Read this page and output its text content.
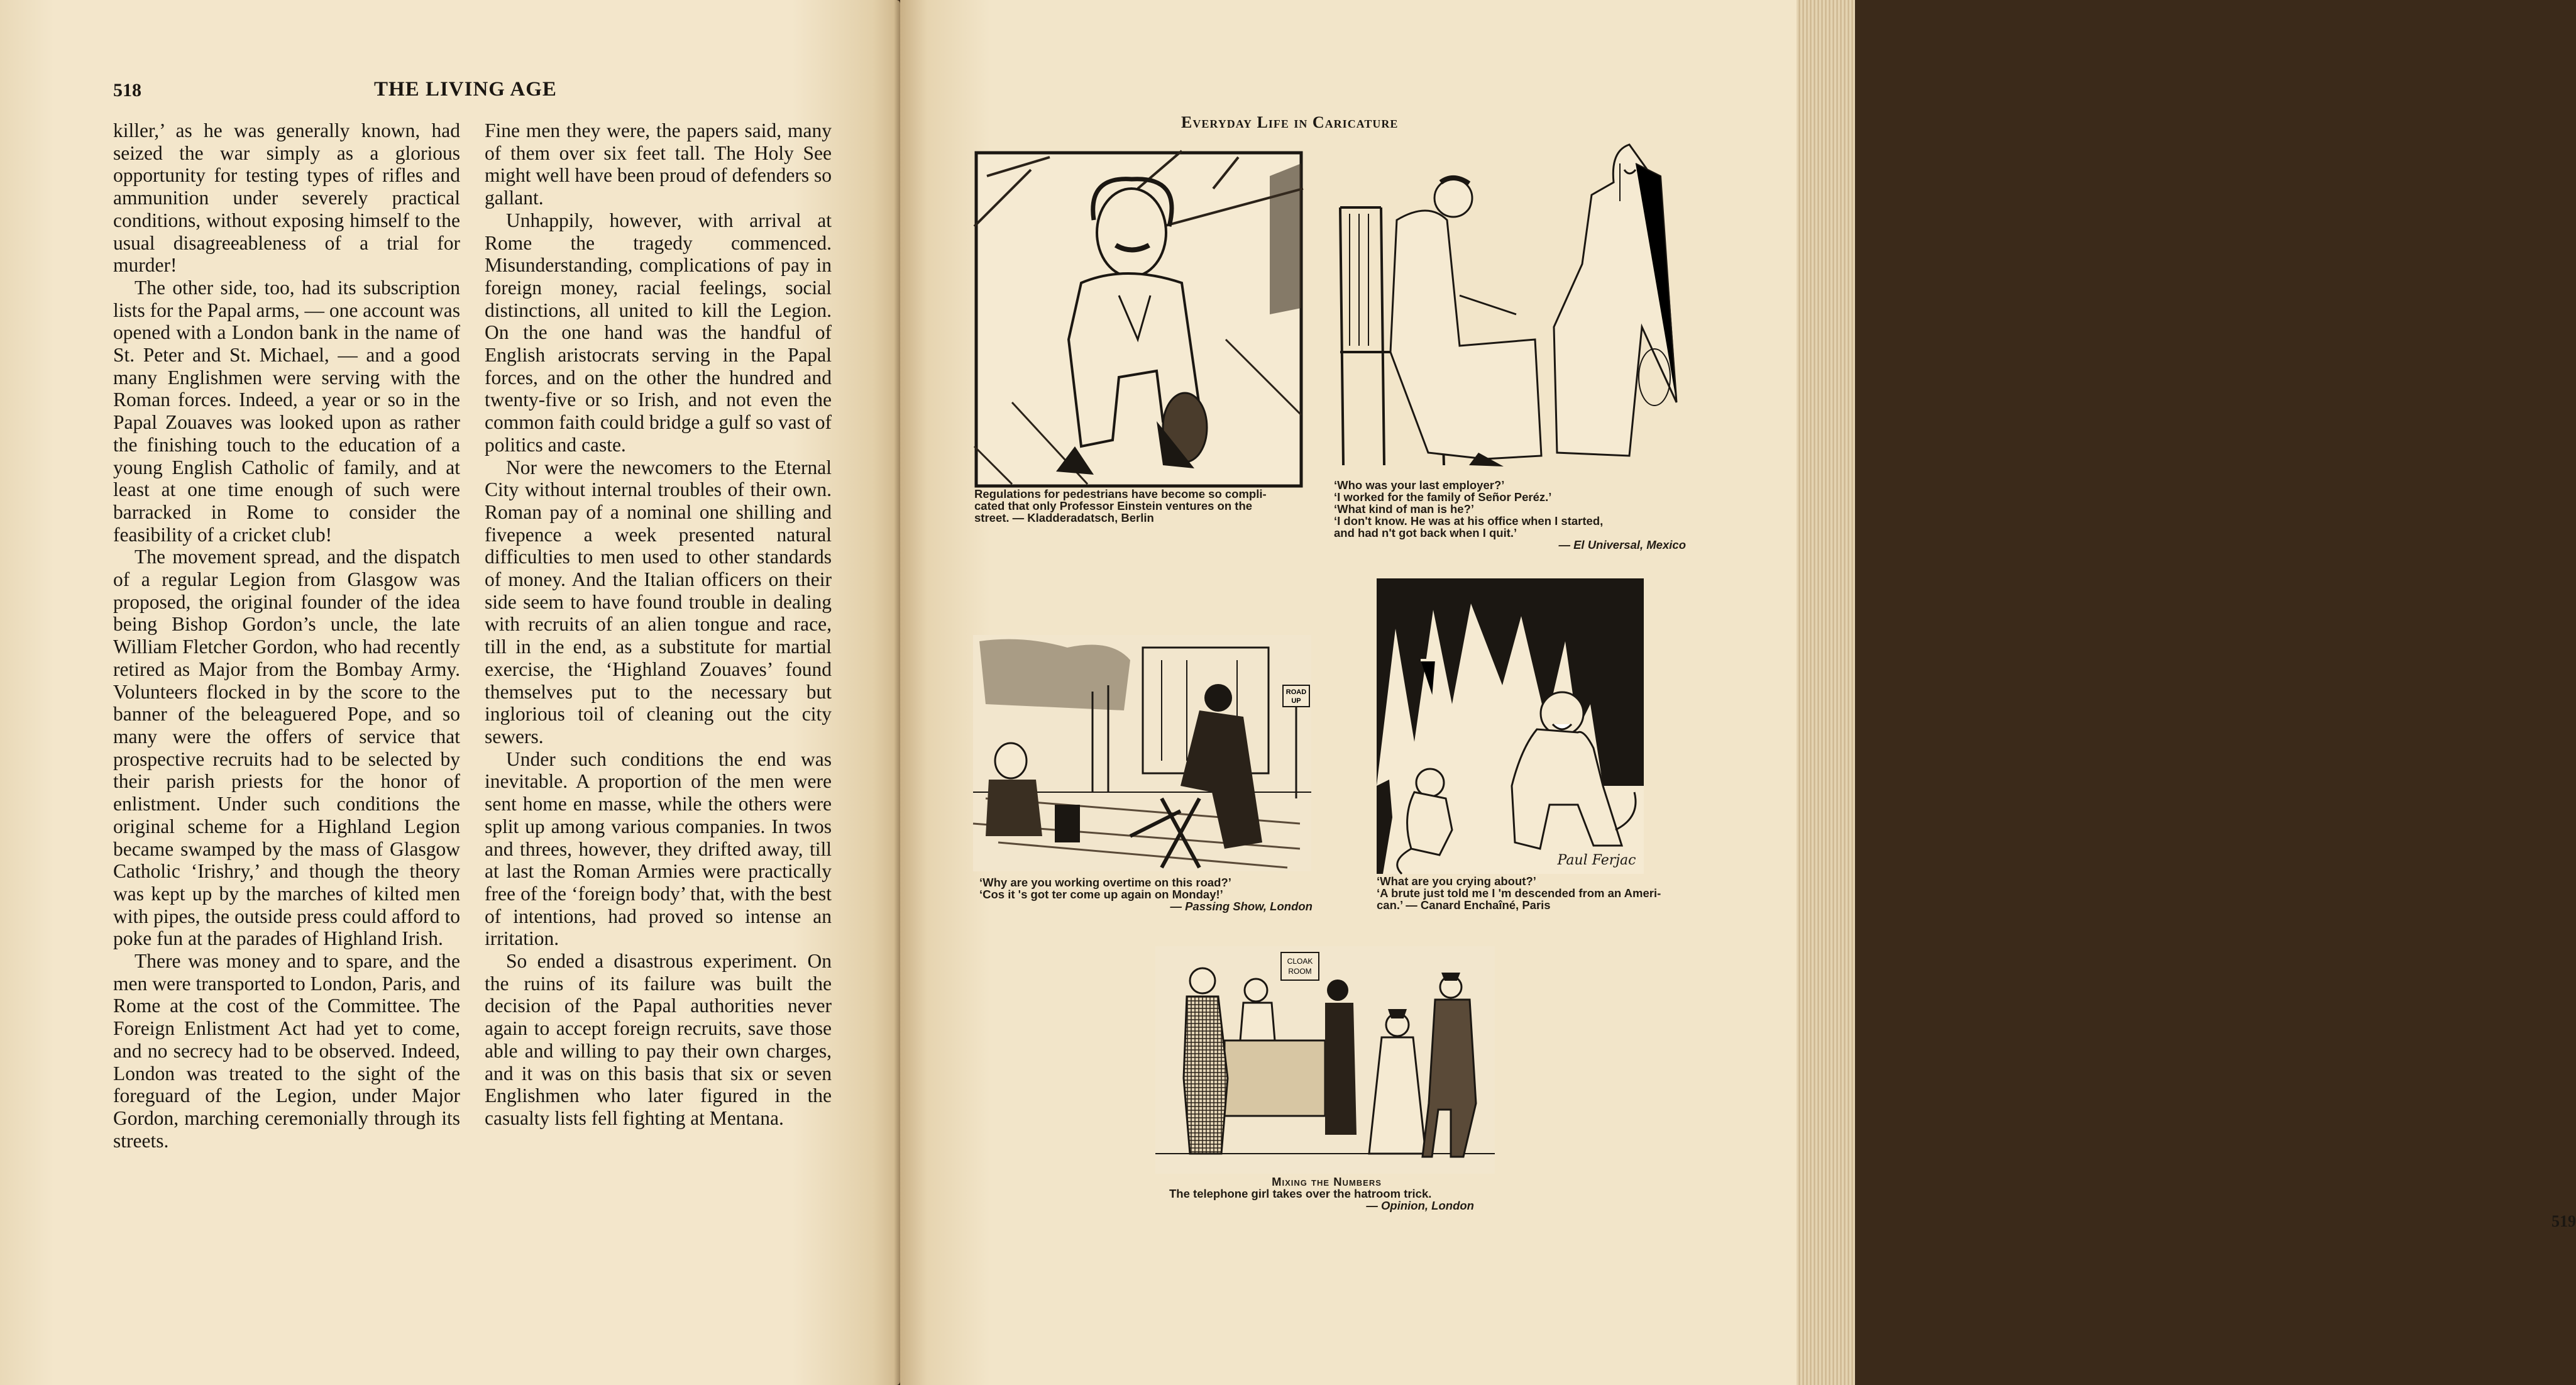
518	THE LIVING AGE

killer,’ as he was generally known, had seized the war simply as a glorious opportunity for testing types of rifles and ammunition under severely practical conditions, without exposing himself to the usual disagreeableness of a trial for murder!

The other side, too, had its subscription lists for the Papal arms, — one account was opened with a London bank in the name of St. Peter and St. Michael, — and a good many Englishmen were serving with the Roman forces. Indeed, a year or so in the Papal Zouaves was looked upon as rather the finishing touch to the education of a young English Catholic of family, and at least at one time enough of such were barracked in Rome to consider the feasibility of a cricket club!

The movement spread, and the dispatch of a regular Legion from Glasgow was proposed, the original founder of the idea being Bishop Gordon’s uncle, the late William Fletcher Gordon, who had recently retired as Major from the Bombay Army. Volunteers flocked in by the score to the banner of the beleaguered Pope, and so many were the offers of service that prospective recruits had to be selected by their parish priests for the honor of enlistment. Under such conditions the original scheme for a Highland Legion became swamped by the mass of Glasgow Catholic ‘Irishry,’ and though the theory was kept up by the marches of kilted men with pipes, the outside press could afford to poke fun at the parades of Highland Irish.

There was money and to spare, and the men were transported to London, Paris, and Rome at the cost of the Committee. The Foreign Enlistment Act had yet to come, and no secrecy had to be observed. Indeed, London was treated to the sight of the foreguard of the Legion, under Major Gordon, marching ceremonially through its streets.

Fine men they were, the papers said, many of them over six feet tall. The Holy See might well have been proud of defenders so gallant.

Unhappily, however, with arrival at Rome the tragedy commenced. Misunderstanding, complications of pay in foreign money, racial feelings, social distinctions, all united to kill the Legion. On the one hand was the handful of English aristocrats serving in the Papal forces, and on the other the hundred and twenty-five or so Irish, and not even the common faith could bridge a gulf so vast of politics and caste.

Nor were the newcomers to the Eternal City without internal troubles of their own. Roman pay of a nominal one shilling and fivepence a week presented natural difficulties to men used to other standards of money. And the Italian officers on their side seem to have found trouble in dealing with recruits of an alien tongue and race, till in the end, as a substitute for martial exercise, the ‘Highland Zouaves’ found themselves put to the necessary but inglorious toil of cleaning out the city sewers.

Under such conditions the end was inevitable. A proportion of the men were sent home en masse, while the others were split up among various companies. In twos and threes, however, they drifted away, till at last the Roman Armies were practically free of the ‘foreign body’ that, with the best of intentions, had proved so intense an irritation.

So ended a disastrous experiment. On the ruins of its failure was built the decision of the Papal authorities never again to accept foreign recruits, save those able and willing to pay their own charges, and it was on this basis that six or seven Englishmen who later figured in the casualty lists fell fighting at Mentana.

519
Everyday Life in Caricature
Regulations for pedestrians have become so compli-
cated that only Professor Einstein ventures on the
street. — Kladderadatsch, Berlin
‘Who was your last employer?’
‘I worked for the family of Señor Peréz.’
‘What kind of man is he?’
‘I don't know. He was at his office when I started,
and had n't got back when I quit.’
— El Universal, Mexico
ROAD
UP
‘Why are you working overtime on this road?’
‘Cos it 's got ter come up again on Monday!’
— Passing Show, London
Paul Ferjac
‘What are you crying about?’
‘A brute just told me I 'm descended from an Ameri-
can.’ — Canard Enchaîné, Paris
CLOAK
ROOM
Mixing the Numbers
The telephone girl takes over the hatroom trick.
— Opinion, London
